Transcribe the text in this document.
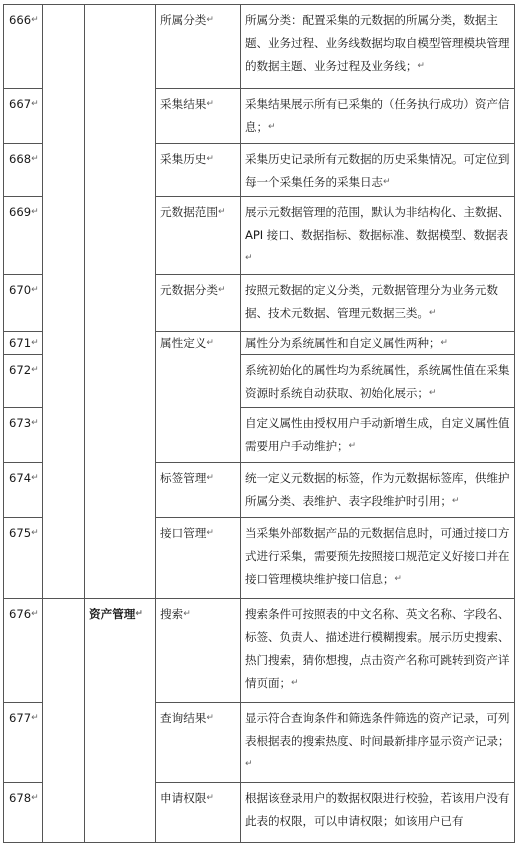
666↵			所属分类↵	所属分类：配置采集的元数据的所属分类，数据主题、业务过程、业务线数据均取自模型管理模块管理的数据主题、业务过程及业务线；↵
667↵			采集结果↵	采集结果展示所有已采集的（任务执行成功）资产信息；↵
668↵			采集历史↵	采集历史记录所有元数据的历史采集情况。可定位到每一个采集任务的采集日志↵
669↵			元数据范围↵	展示元数据管理的范围，默认为非结构化、主数据、API 接口、数据指标、数据标准、数据模型、数据表↵
670↵			元数据分类↵	按照元数据的定义分类，元数据管理分为业务元数据、技术元数据、管理元数据三类。↵
671↵			属性定义↵	属性分为系统属性和自定义属性两种；↵
672↵				系统初始化的属性均为系统属性，系统属性值在采集资源时系统自动获取、初始化展示；↵
673↵				自定义属性由授权用户手动新增生成，自定义属性值需要用户手动维护；↵
674↵			标签管理↵	统一定义元数据的标签，作为元数据标签库，供维护所属分类、表维护、表字段维护时引用；↵
675↵			接口管理↵	当采集外部数据产品的元数据信息时，可通过接口方式进行采集，需要预先按照接口规范定义好接口并在接口管理模块维护接口信息；↵
676↵		资产管理↵	搜索↵	搜索条件可按照表的中文名称、英文名称、字段名、标签、负责人、描述进行模糊搜索。展示历史搜索、热门搜索，猜你想搜，点击资产名称可跳转到资产详情页面；↵
677↵			查询结果↵	显示符合查询条件和筛选条件筛选的资产记录，可列表根据表的搜索热度、时间最新排序显示资产记录；↵
678↵			申请权限↵	根据该登录用户的数据权限进行校验，若该用户没有此表的权限，可以申请权限；如该用户已有
